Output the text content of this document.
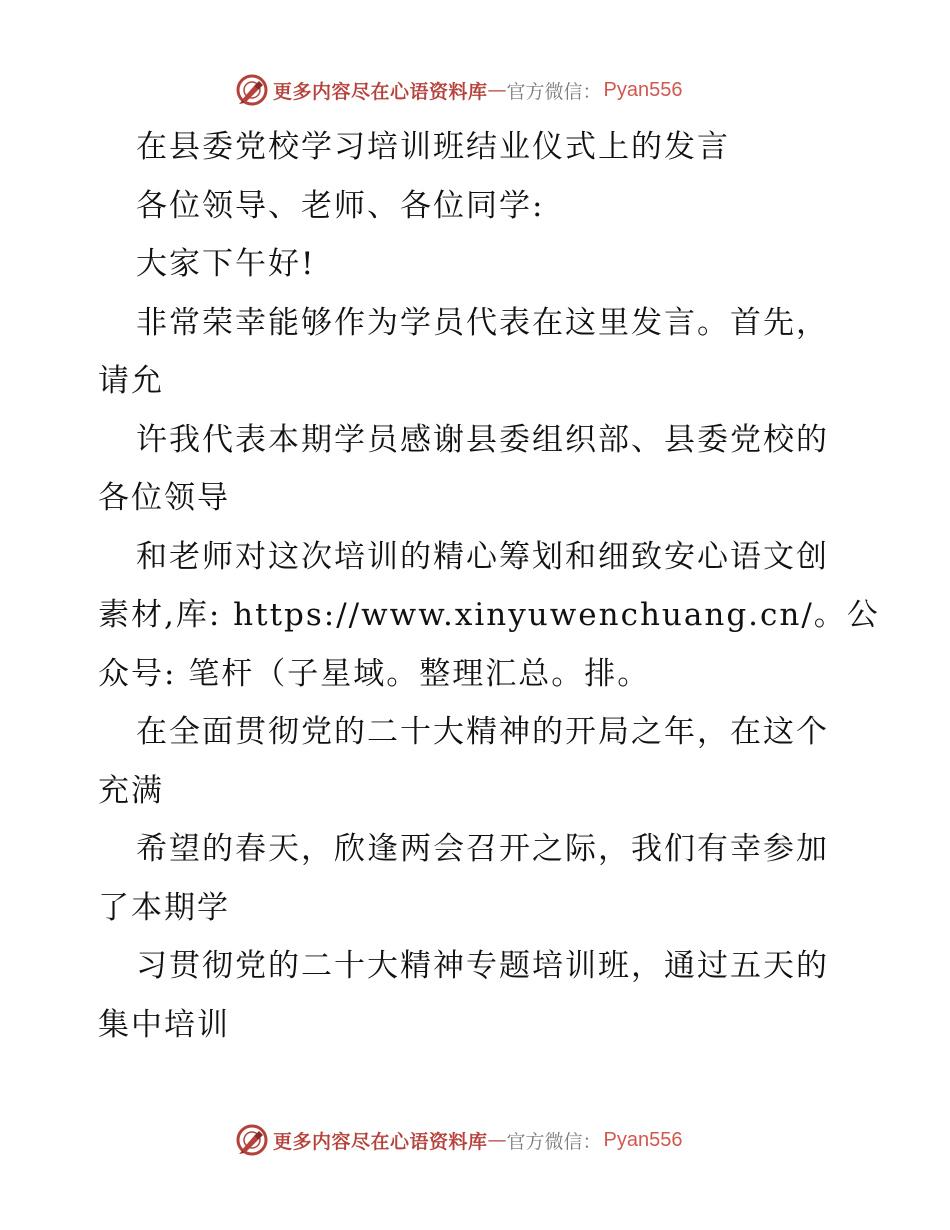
更多内容尽在心语资料库 — 官方微信： Pyan556
在县委党校学习培训班结业仪式上的发言
各位领导、老师、各位同学:
大家下午好!
非常荣幸能够作为学员代表在这里发言。首先，
请允
许我代表本期学员感谢县委组织部、县委党校的
各位领导
和老师对这次培训的精心筹划和细致安心语文创
素材,库: https://www.xinyuwenchuang.cn/。公
众号: 笔杆（子星域。整理汇总。排。
在全面贯彻党的二十大精神的开局之年，在这个
充满
希望的春天，欣逢两会召开之际，我们有幸参加
了本期学
习贯彻党的二十大精神专题培训班，通过五天的
集中培训
更多内容尽在心语资料库 — 官方微信： Pyan556
